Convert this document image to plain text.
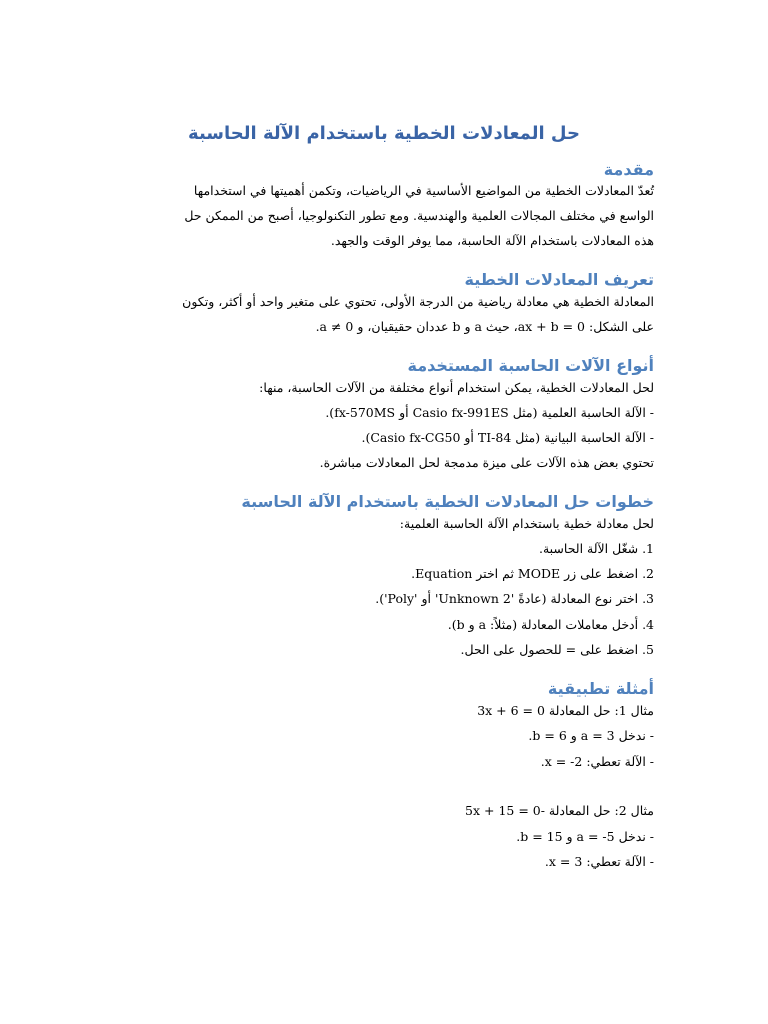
حل المعادلات الخطية باستخدام الآلة الحاسبة
مقدمة
تُعدّ المعادلات الخطية من المواضيع الأساسية في الرياضيات، وتكمن أهميتها في استخدامها
الواسع في مختلف المجالات العلمية والهندسية. ومع تطور التكنولوجيا، أصبح من الممكن حل
هذه المعادلات باستخدام الآلة الحاسبة، مما يوفر الوقت والجهد.
تعريف المعادلات الخطية
المعادلة الخطية هي معادلة رياضية من الدرجة الأولى، تحتوي على متغير واحد أو أكثر، وتكون
على الشكل: ax + b = 0، حيث a و b عددان حقيقيان، و a ≠ 0.
أنواع الآلات الحاسبة المستخدمة
لحل المعادلات الخطية، يمكن استخدام أنواع مختلفة من الآلات الحاسبة، منها:
- الآلة الحاسبة العلمية (مثل Casio fx-991ES أو fx-570MS).
- الآلة الحاسبة البيانية (مثل TI-84 أو Casio fx-CG50).
تحتوي بعض هذه الآلات على ميزة مدمجة لحل المعادلات مباشرة.
خطوات حل المعادلات الخطية باستخدام الآلة الحاسبة
لحل معادلة خطية باستخدام الآلة الحاسبة العلمية:
1. شغّل الآلة الحاسبة.
2. اضغط على زر MODE ثم اختر Equation.
3. اختر نوع المعادلة (عادةً 'Unknown 2' أو 'Poly').
4. أدخل معاملات المعادلة (مثلاً: a و b).
5. اضغط على = للحصول على الحل.
أمثلة تطبيقية
مثال 1: حل المعادلة 3x + 6 = 0
- ندخل a = 3 و b = 6.
- الآلة تعطي: x = -2.
مثال 2: حل المعادلة -5x + 15 = 0
- ندخل a = -5 و b = 15.
- الآلة تعطي: x = 3.
